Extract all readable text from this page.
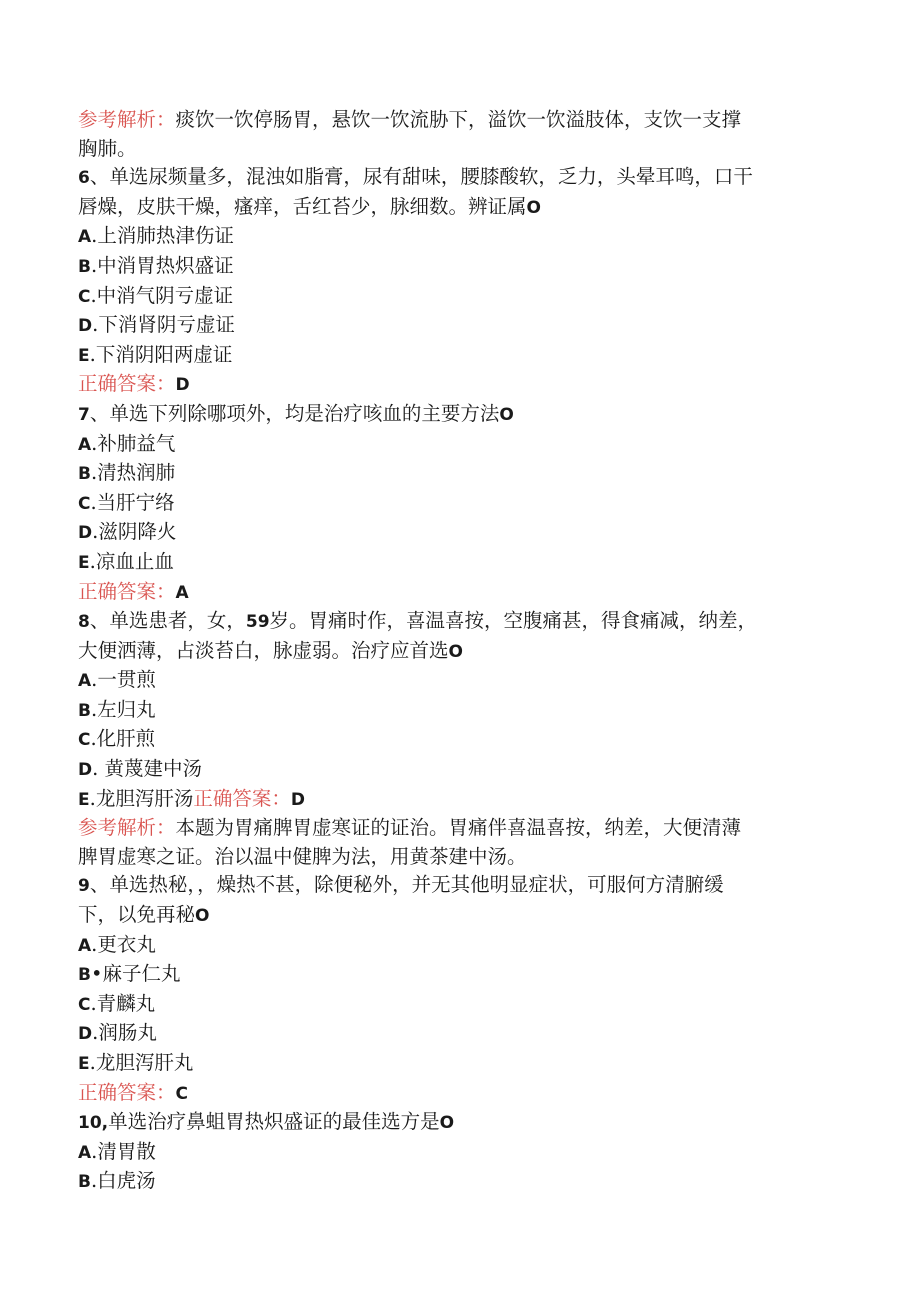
参考解析：痰饮一饮停肠胃，悬饮一饮流胁下，溢饮一饮溢肢体，支饮一支撑
胸肺。
6、单选尿频量多，混浊如脂膏，尿有甜味，腰膝酸软，乏力，头晕耳鸣，口干
唇燥，皮肤干燥，瘙痒，舌红苔少，脉细数。辨证属O
A.上消肺热津伤证
B.中消胃热炽盛证
C.中消气阴亏虚证
D.下消肾阴亏虚证
E.下消阴阳两虚证
正确答案：D
7、单选下列除哪项外，均是治疗咳血的主要方法O
A.补肺益气
B.清热润肺
C.当肝宁络
D.滋阴降火
E.凉血止血
正确答案：A
8、单选患者，女，59岁。胃痛时作，喜温喜按，空腹痛甚，得食痛减，纳差，
大便洒薄，占淡苔白，脉虚弱。治疗应首选O
A.一贯煎
B.左归丸
C.化肝煎
D. 黄蔑建中汤
E.龙胆泻肝汤正确答案：D
参考解析：本题为胃痛脾胃虚寒证的证治。胃痛伴喜温喜按，纳差，大便清薄
脾胃虚寒之证。治以温中健脾为法，用黄茶建中汤。
9、单选热秘，，燥热不甚，除便秘外，并无其他明显症状，可服何方清腑缓
下，以免再秘O
A.更衣丸
B•麻子仁丸
C.青麟丸
D.润肠丸
E.龙胆泻肝丸
正确答案：C
10,单选治疗鼻蛆胃热炽盛证的最佳选方是O
A.清胃散
B.白虎汤
